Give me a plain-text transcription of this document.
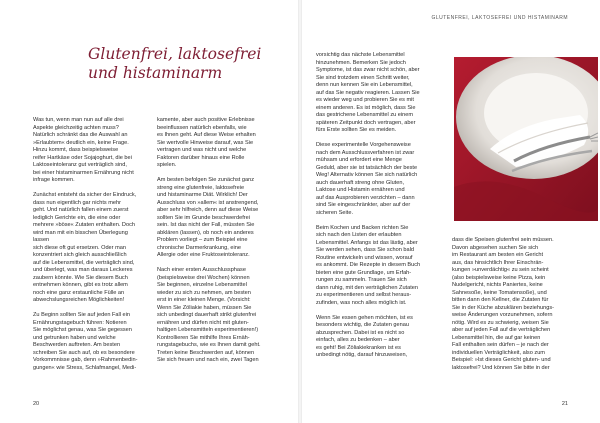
Glutenfrei, laktosefrei
und histaminarm

Was tun, wenn man nun auf alle drei
Aspekte gleichzeitig achten muss?
Natürlich schränkt das die Auswahl an
»Erlaubtem« deutlich ein, keine Frage.
Hinzu kommt, dass beispielsweise
reifer Hartkäse oder Sojajoghurt, die bei
Laktoseintoleranz gut verträglich sind,
bei einer histaminarmen Ernährung nicht
infrage kommen.

Zunächst entsteht da sicher der Eindruck,
dass nun eigentlich gar nichts mehr
geht. Und natürlich fallen einem zuerst
lediglich Gerichte ein, die eine oder
mehrere »böse« Zutaten enthalten. Doch
wird man mit ein bisschen Überlegung lassen
sich diese oft gut ersetzen. Oder man
konzentriert sich gleich ausschließlich
auf die Lebensmittel, die verträglich sind,
und überlegt, was man daraus Leckeres
zaubern könnte. Wie Sie diesem Buch
entnehmen können, gibt es trotz allem
noch eine ganz erstaunliche Fülle an
abwechslungsreichen Möglichkeiten!

Zu Beginn sollten Sie auf jeden Fall ein
Ernährungstagebuch führen: Notieren
Sie möglichst genau, was Sie gegessen
und getrunken haben und welche
Beschwerden auftreten. Am besten
schreiben Sie auch auf, ob es besondere
Vorkommnisse gab, denn »Rahmenbedin-
gungen« wie Stress, Schlafmangel, Medi-

kamente, aber auch positive Erlebnisse
beeinflussen natürlich ebenfalls, wie
es Ihnen geht. Auf diese Weise erhalten
Sie wertvolle Hinweise darauf, was Sie
vertragen und was nicht und welche
Faktoren darüber hinaus eine Rolle
spielen.

Am besten befolgen Sie zunächst ganz
streng eine glutenfreie, laktosefreie
und histaminarme Diät. Wirklich! Der
Ausschluss von »allem« ist anstrengend,
aber sehr hilfreich, denn auf diese Weise
sollten Sie im Grunde beschwerdefrei
sein. Ist das nicht der Fall, müssten Sie
abklären (lassen), ob noch ein anderes
Problem vorliegt – zum Beispiel eine
chronische Darmerkrankung, eine
Allergie oder eine Fruktoseintoleranz.

Nach einer ersten Ausschlussphase
(beispielsweise drei Wochen) können
Sie beginnen, einzelne Lebensmittel
wieder zu sich zu nehmen, am besten
erst in einer kleinen Menge. (Vorsicht:
Wenn Sie Zöliakie haben, müssen Sie
sich unbedingt dauerhaft strikt glutenfrei
ernähren und dürfen nicht mit gluten-
haltigen Lebensmitteln experimentieren!)
Kontrollieren Sie mithilfe Ihres Ernäh-
rungstagebuchs, wie es Ihnen damit geht.
Treten keine Beschwerden auf, können
Sie sich freuen und nach ein, zwei Tagen

20
GLUTENFREI, LAKTOSEFREI UND HISTAMINARM

vorsichtig das nächste Lebensmittel
hinzunehmen. Bemerken Sie jedoch
Symptome, ist das zwar nicht schön, aber
Sie sind trotzdem einen Schritt weiter,
denn nun kennen Sie ein Lebensmittel,
auf das Sie negativ reagieren. Lassen Sie
es wieder weg und probieren Sie es mit
einem anderen. Es ist möglich, dass Sie
das gestrichene Lebensmittel zu einem
späteren Zeitpunkt doch vertragen, aber
fürs Erste sollten Sie es meiden.

Diese experimentelle Vorgehensweise
nach dem Ausschlussverfahren ist zwar
mühsam und erfordert eine Menge
Geduld, aber sie ist tatsächlich der beste
Weg! Alternativ können Sie sich natürlich
auch dauerhaft streng ohne Gluten,
Laktose und Histamin ernähren und
auf das Ausprobieren verzichten – dann
sind Sie eingeschränkter, aber auf der
sicheren Seite.

Beim Kochen und Backen richten Sie
sich nach den Listen der erlaubten
Lebensmittel. Anfangs ist das lästig, aber
Sie werden sehen, dass Sie schon bald
Routine entwickeln und wissen, worauf
es ankommt. Die Rezepte in diesem Buch
bieten eine gute Grundlage, um Erfah-
rungen zu sammeln. Trauen Sie sich
dann ruhig, mit den verträglichen Zutaten
zu experimentieren und selbst heraus-
zufinden, was noch alles möglich ist.

Wenn Sie essen gehen möchten, ist es
besonders wichtig, die Zutaten genau
abzusprechen. Dabei ist es nicht so
einfach, alles zu bedenken – aber
es geht! Bei Zöliakiekranken ist es
unbedingt nötig, darauf hinzuweisen,

dass die Speisen glutenfrei sein müssen.
Davon abgesehen suchen Sie sich
im Restaurant am besten ein Gericht
aus, das hinsichtlich Ihrer Einschrän-
kungen »unverdächtig« zu sein scheint
(also beispielsweise keine Pizza, kein
Nudelgericht, nichts Paniertes, keine
Sahnesoße, keine Tomatensoße), und
bitten dann den Kellner, die Zutaten für
Sie in der Küche abzuklären beziehungs-
weise Änderungen vorzunehmen, sofern
nötig. Wird es zu schwierig, weisen Sie
aber auf jeden Fall auf die verträglichen
Lebensmittel hin, die auf gar keinen
Fall enthalten sein dürfen – je nach der
individuellen Verträglichkeit, also zum
Beispiel: »Ist dieses Gericht gluten- und
laktosefrei? Und können Sie bitte in der

21
